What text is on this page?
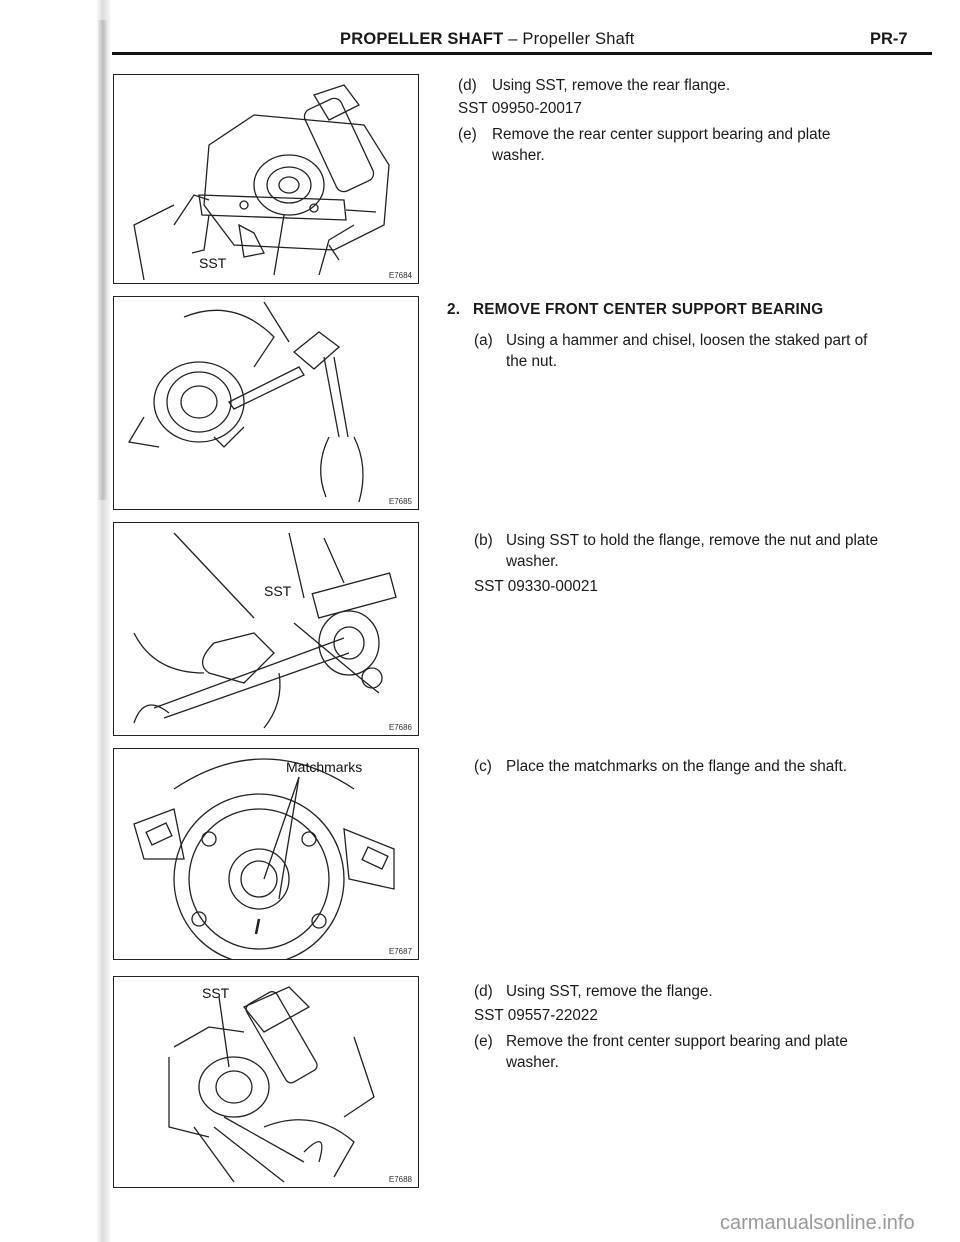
PROPELLER SHAFT – Propeller Shaft	PR-7
SST
E7684
E7685
SST
E7686
Matchmarks
E7687
SST
E7688
(d) Using SST, remove the rear flange.
SST 09950-20017
(e) Remove the rear center support bearing and plate
washer.
2. REMOVE FRONT CENTER SUPPORT BEARING
(a) Using a hammer and chisel, loosen the staked part of
the nut.
(b) Using SST to hold the flange, remove the nut and plate
washer.
SST 09330-00021
(c) Place the matchmarks on the flange and the shaft.
(d) Using SST, remove the flange.
SST 09557-22022
(e) Remove the front center support bearing and plate
washer.
carmanualsonline.info
